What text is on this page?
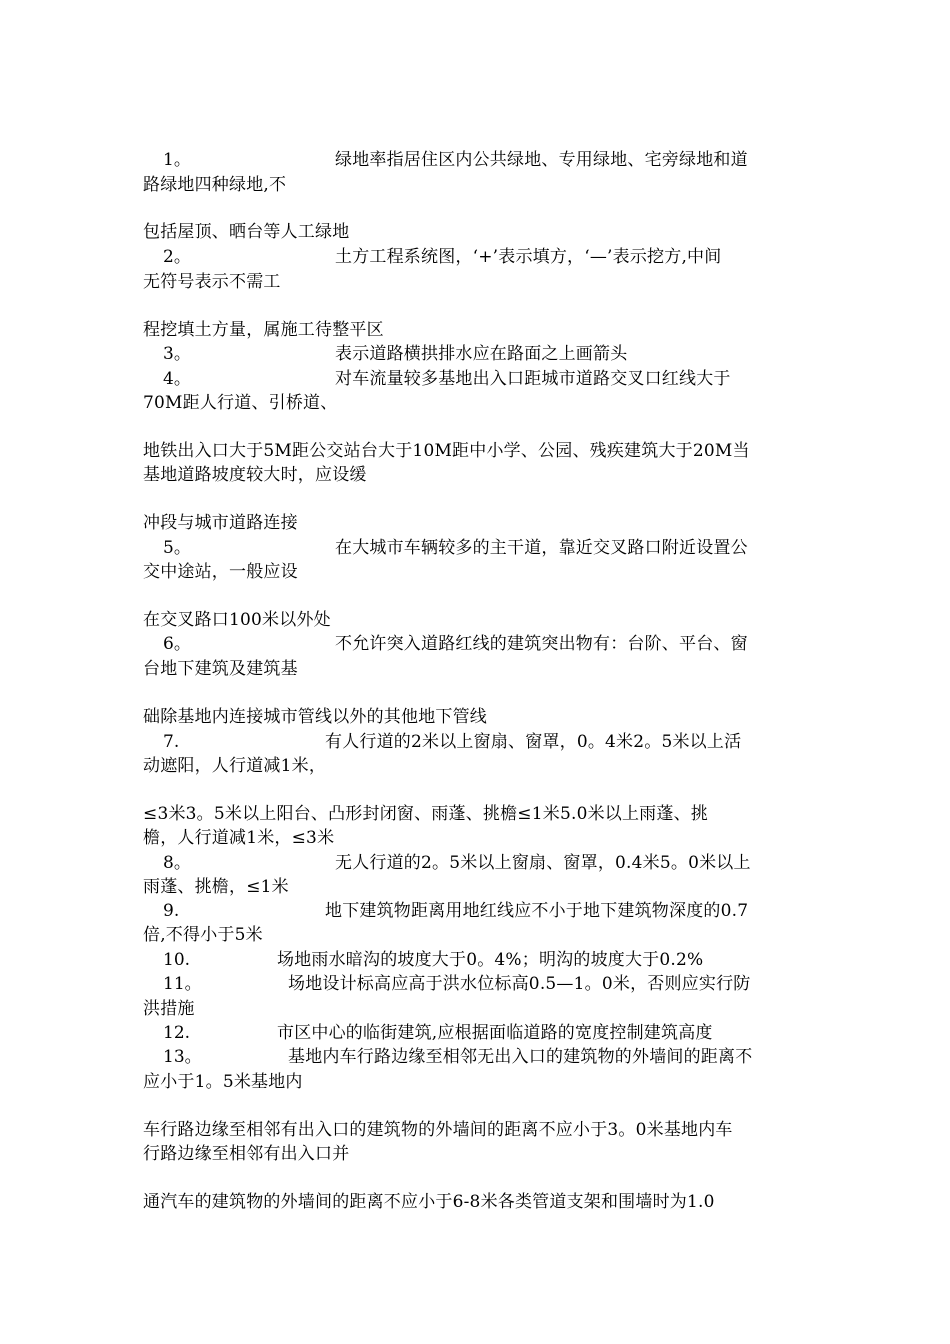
1。	绿地率指居住区内公共绿地、专用绿地、宅旁绿地和道
路绿地四种绿地,不
包括屋顶、晒台等人工绿地
2。	土方工程系统图，‘+’表示填方，‘—’表示挖方,中间
无符号表示不需工
程挖填土方量，属施工待整平区
3。	表示道路横拱排水应在路面之上画箭头
4。	对车流量较多基地出入口距城市道路交叉口红线大于
70M距人行道、引桥道、
地铁出入口大于5M距公交站台大于10M距中小学、公园、残疾建筑大于20M当
基地道路坡度较大时，应设缓
冲段与城市道路连接
5。	在大城市车辆较多的主干道，靠近交叉路口附近设置公
交中途站，一般应设
在交叉路口100米以外处
6。	不允许突入道路红线的建筑突出物有：台阶、平台、窗
台地下建筑及建筑基
础除基地内连接城市管线以外的其他地下管线
7.	有人行道的2米以上窗扇、窗罩，0。4米2。5米以上活
动遮阳，人行道减1米，
≤3米3。5米以上阳台、凸形封闭窗、雨蓬、挑檐≤1米5.0米以上雨蓬、挑
檐，人行道减1米，≤3米
8。	无人行道的2。5米以上窗扇、窗罩，0.4米5。0米以上
雨蓬、挑檐，≤1米
9.	地下建筑物距离用地红线应不小于地下建筑物深度的0.7
倍,不得小于5米
10.	场地雨水暗沟的坡度大于0。4%；明沟的坡度大于0.2%
11。	场地设计标高应高于洪水位标高0.5—1。0米，否则应实行防
洪措施
12.	市区中心的临街建筑,应根据面临道路的宽度控制建筑高度
13。	基地内车行路边缘至相邻无出入口的建筑物的外墙间的距离不
应小于1。5米基地内
车行路边缘至相邻有出入口的建筑物的外墙间的距离不应小于3。0米基地内车
行路边缘至相邻有出入口并
通汽车的建筑物的外墙间的距离不应小于6-8米各类管道支架和围墙时为1.0
